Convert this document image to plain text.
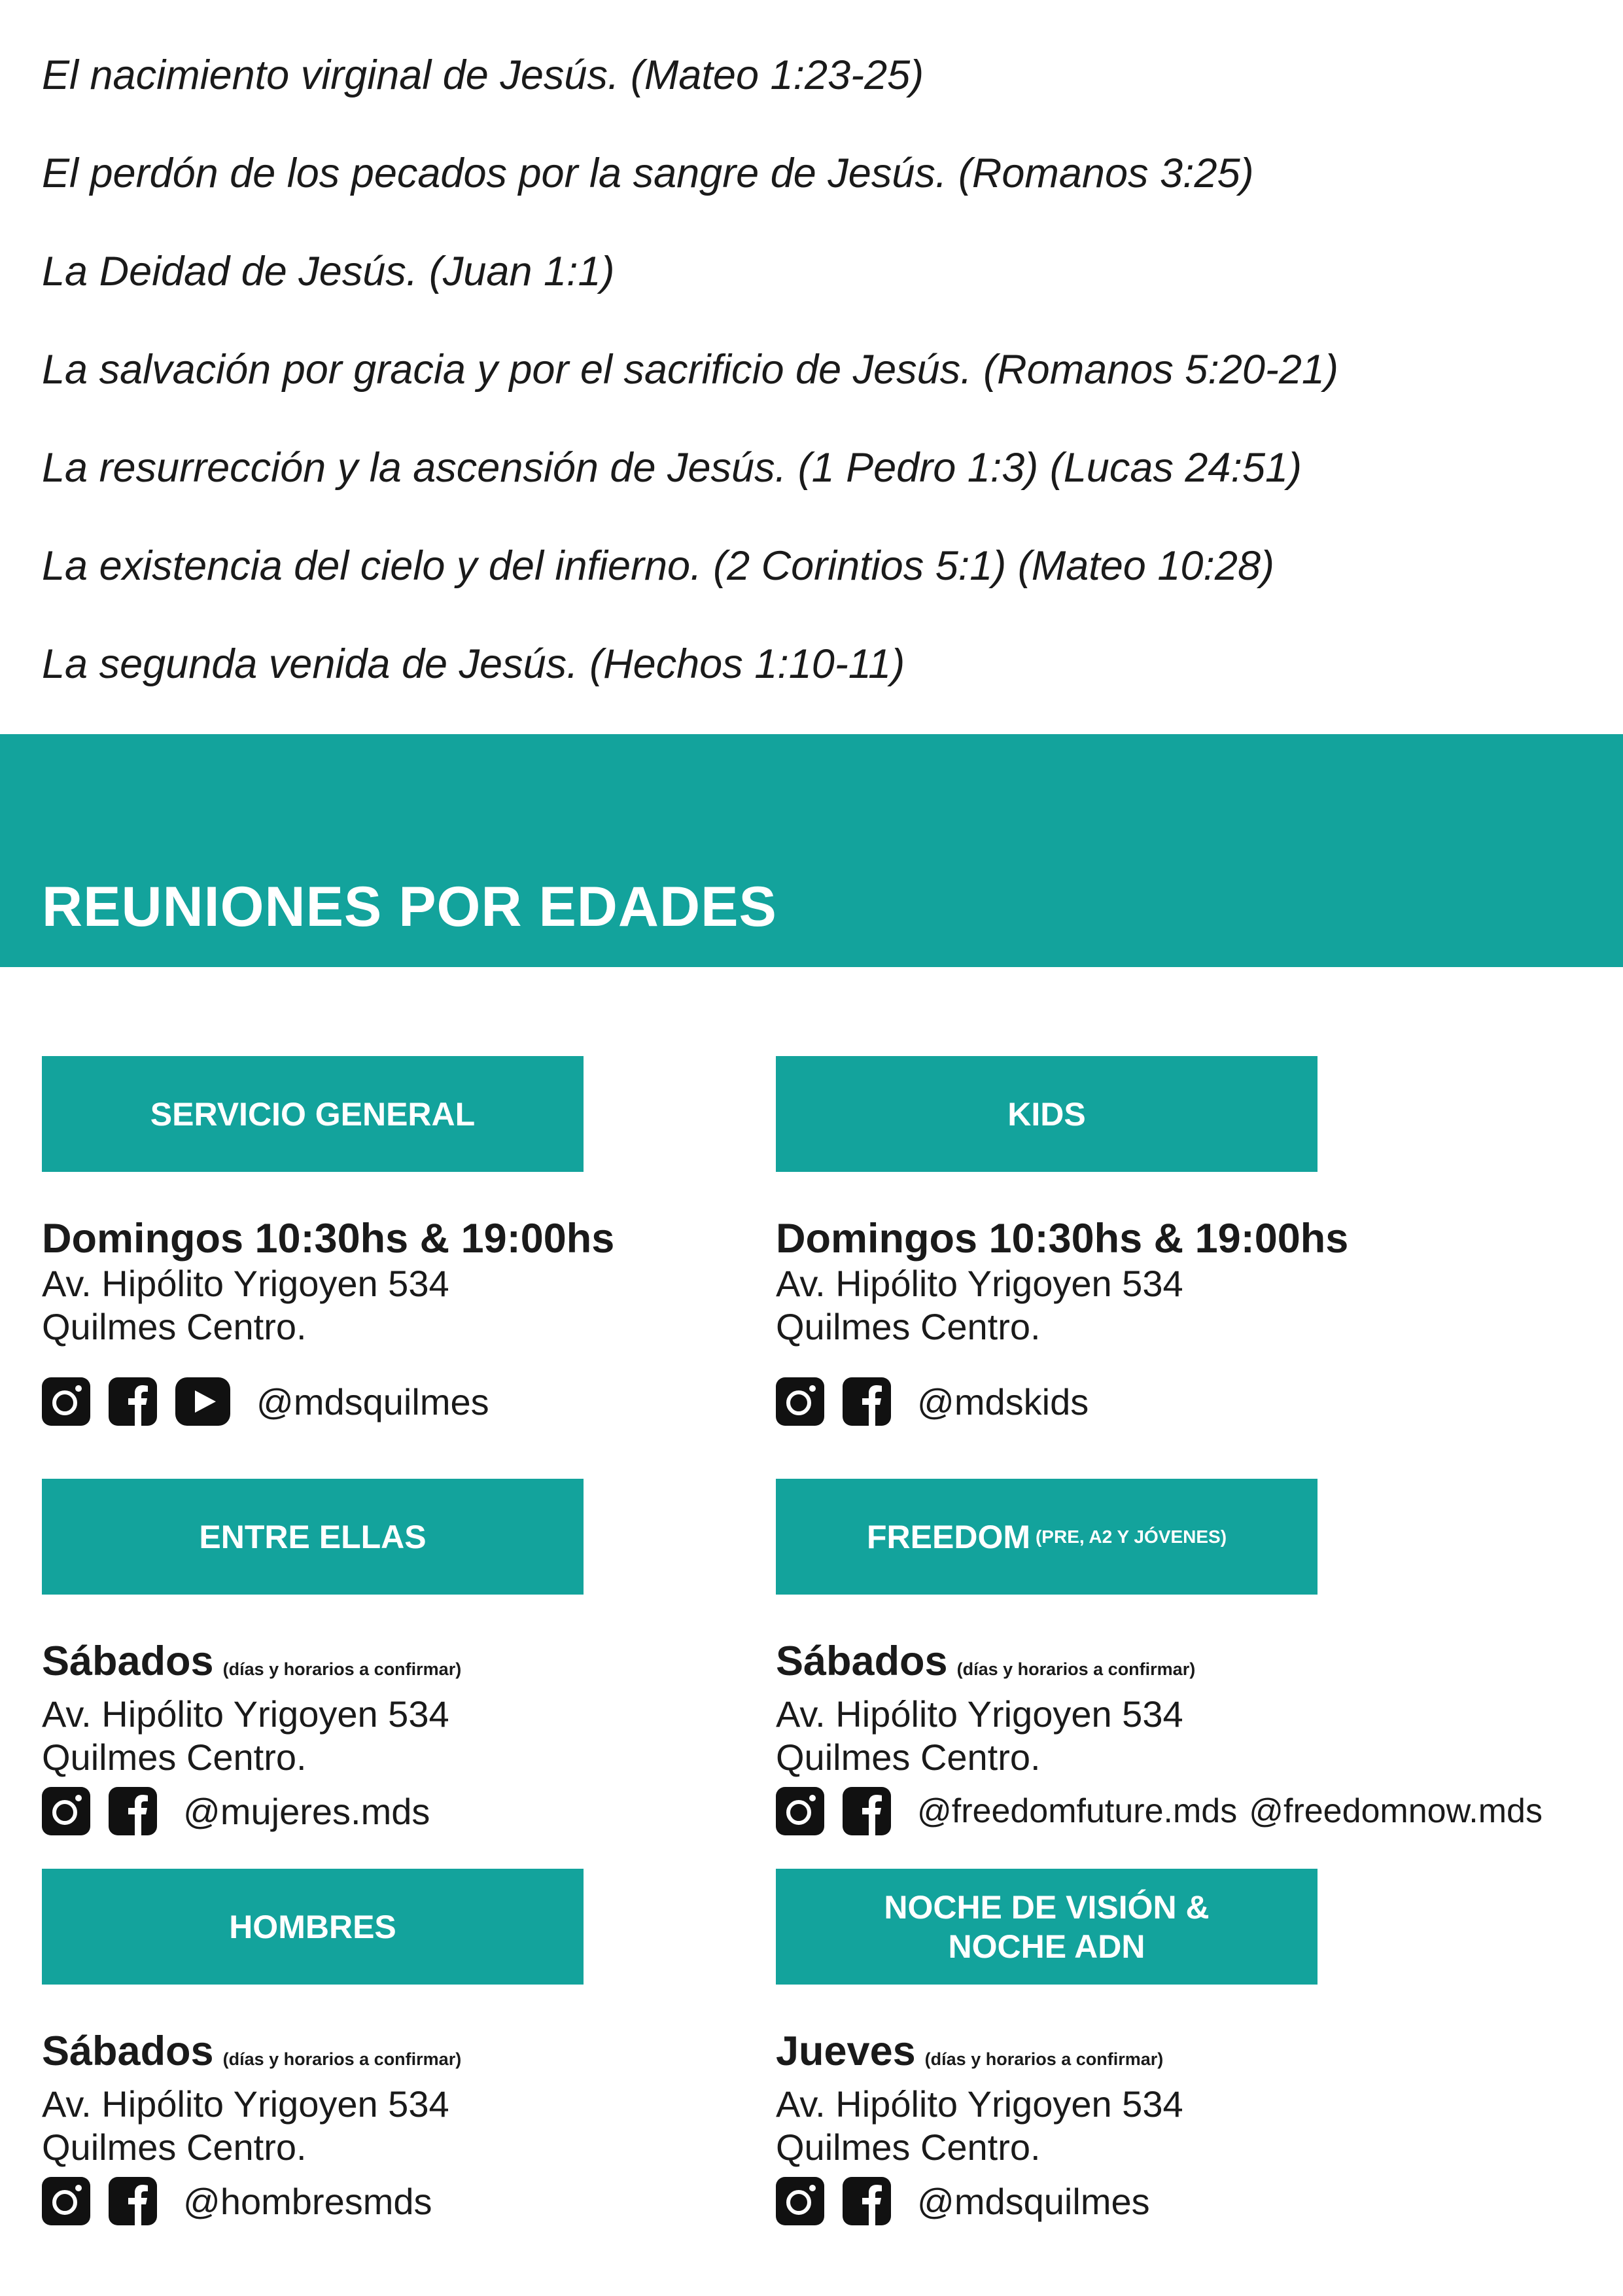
El nacimiento virginal de Jesús. (Mateo 1:23-25)
El perdón de los pecados por la sangre de Jesús. (Romanos 3:25)
La Deidad de Jesús. (Juan 1:1)
La salvación por gracia y por el sacrificio de Jesús. (Romanos 5:20-21)
La resurrección y la ascensión de Jesús. (1 Pedro 1:3) (Lucas 24:51)
La existencia del cielo y del infierno. (2 Corintios 5:1) (Mateo 10:28)
La segunda venida de Jesús. (Hechos 1:10-11)
REUNIONES POR EDADES
SERVICIO GENERAL
Domingos 10:30hs & 19:00hs
Av. Hipólito Yrigoyen 534
Quilmes Centro.
@mdsquilmes
KIDS
Domingos 10:30hs & 19:00hs
Av. Hipólito Yrigoyen 534
Quilmes Centro.
@mdskids
ENTRE ELLAS
Sábados (días y horarios a confirmar)
Av. Hipólito Yrigoyen 534
Quilmes Centro.
@mujeres.mds
FREEDOM (PRE, A2 Y JÓVENES)
Sábados (días y horarios a confirmar)
Av. Hipólito Yrigoyen 534
Quilmes Centro.
@freedomfuture.mds @freedomnow.mds
HOMBRES
Sábados (días y horarios a confirmar)
Av. Hipólito Yrigoyen 534
Quilmes Centro.
@hombresmds
NOCHE DE VISIÓN &
NOCHE ADN
Jueves (días y horarios a confirmar)
Av. Hipólito Yrigoyen 534
Quilmes Centro.
@mdsquilmes
